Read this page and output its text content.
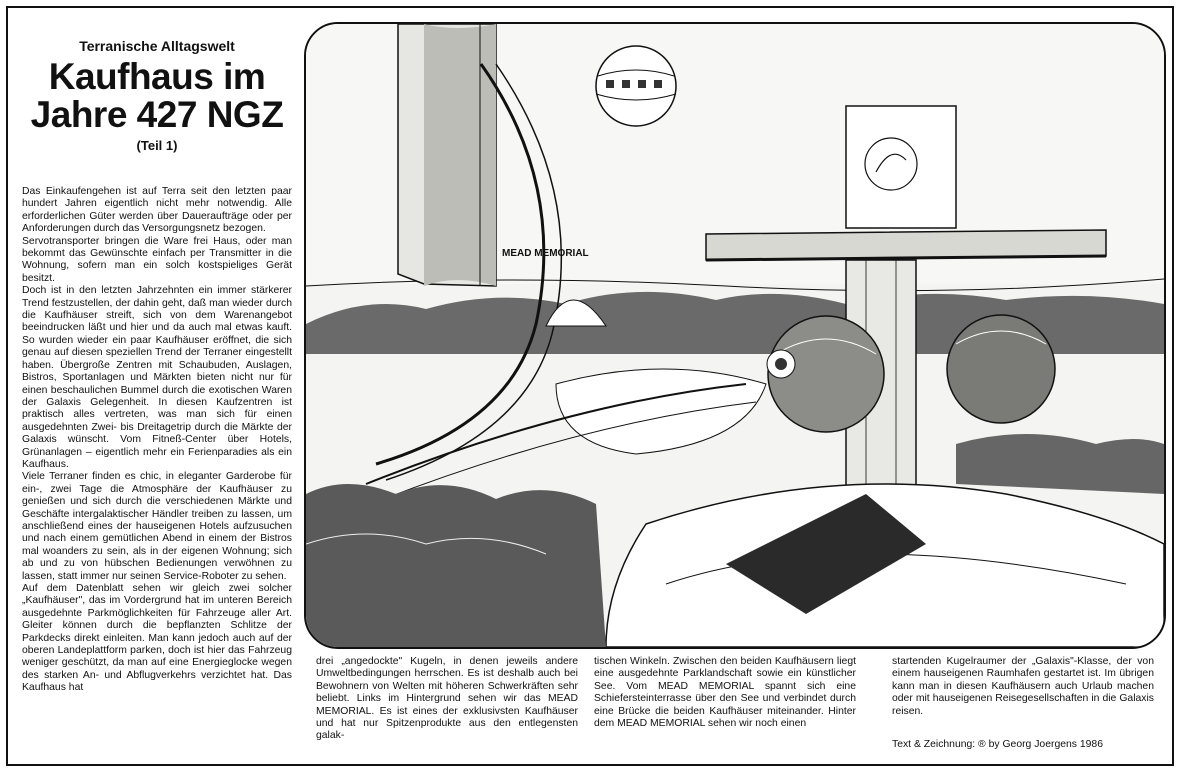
Terranische Alltagswelt
Kaufhaus im
Jahre 427 NGZ
(Teil 1)

Das Einkaufengehen ist auf Terra seit den letzten paar hundert Jahren eigentlich nicht mehr notwendig. Alle erforderlichen Güter werden über Daueraufträge oder per Anforderungen durch das Versorgungsnetz bezogen.

Servotransporter bringen die Ware frei Haus, oder man bekommt das Gewünschte einfach per Transmitter in die Wohnung, sofern man ein solch kostspieliges Gerät besitzt.

Doch ist in den letzten Jahrzehnten ein immer stärkerer Trend festzustellen, der dahin geht, daß man wieder durch die Kaufhäuser streift, sich von dem Warenangebot beeindrucken läßt und hier und da auch mal etwas kauft. So wurden wieder ein paar Kaufhäuser eröffnet, die sich genau auf diesen speziellen Trend der Terraner eingestellt haben. Übergroße Zentren mit Schaubuden, Auslagen, Bistros, Sportanlagen und Märkten bieten nicht nur für einen beschaulichen Bummel durch die exotischen Waren der Galaxis Gelegenheit. In diesen Kaufzentren ist praktisch alles vertreten, was man sich für einen ausgedehnten Zwei- bis Dreitagetrip durch die Märkte der Galaxis wünscht. Vom Fitneß-Center über Hotels, Grünanlagen – eigentlich mehr ein Ferienparadies als ein Kaufhaus.

Viele Terraner finden es chic, in eleganter Garderobe für ein-, zwei Tage die Atmosphäre der Kaufhäuser zu genießen und sich durch die verschiedenen Märkte und Geschäfte intergalaktischer Händler treiben zu lassen, um anschließend eines der hauseigenen Hotels aufzusuchen und nach einem gemütlichen Abend in einem der Bistros mal woanders zu sein, als in der eigenen Wohnung; sich ab und zu von hübschen Bedienungen verwöhnen zu lassen, statt immer nur seinen Service-Roboter zu sehen.

Auf dem Datenblatt sehen wir gleich zwei solcher „Kaufhäuser", das im Vordergrund hat im unteren Bereich ausgedehnte Parkmöglichkeiten für Fahrzeuge aller Art. Gleiter können durch die bepflanzten Schlitze der Parkdecks direkt einleiten. Man kann jedoch auch auf der oberen Landeplattform parken, doch ist hier das Fahrzeug weniger geschützt, da man auf eine Energieglocke wegen des starken An- und Abflugverkehrs verzichtet hat. Das Kaufhaus hat

MEAD MEMORIAL
drei „angedockte" Kugeln, in denen jeweils andere Umweltbedingungen herrschen. Es ist deshalb auch bei Bewohnern von Welten mit höheren Schwerkräften sehr beliebt. Links im Hintergrund sehen wir das MEAD MEMORIAL. Es ist eines der exklusivsten Kaufhäuser und hat nur Spitzenprodukte aus den entlegensten galak-
tischen Winkeln. Zwischen den beiden Kaufhäusern liegt eine ausgedehnte Parklandschaft sowie ein künstlicher See. Vom MEAD MEMORIAL spannt sich eine Schiefersteinterrasse über den See und verbindet durch eine Brücke die beiden Kaufhäuser miteinander. Hinter dem MEAD MEMORIAL sehen wir noch einen
startenden Kugelraumer der „Galaxis"-Klasse, der von einem hauseigenen Raumhafen gestartet ist. Im übrigen kann man in diesen Kaufhäusern auch Urlaub machen oder mit hauseigenen Reisegesellschaften in die Galaxis reisen.
Text & Zeichnung: ® by Georg Joergens 1986
